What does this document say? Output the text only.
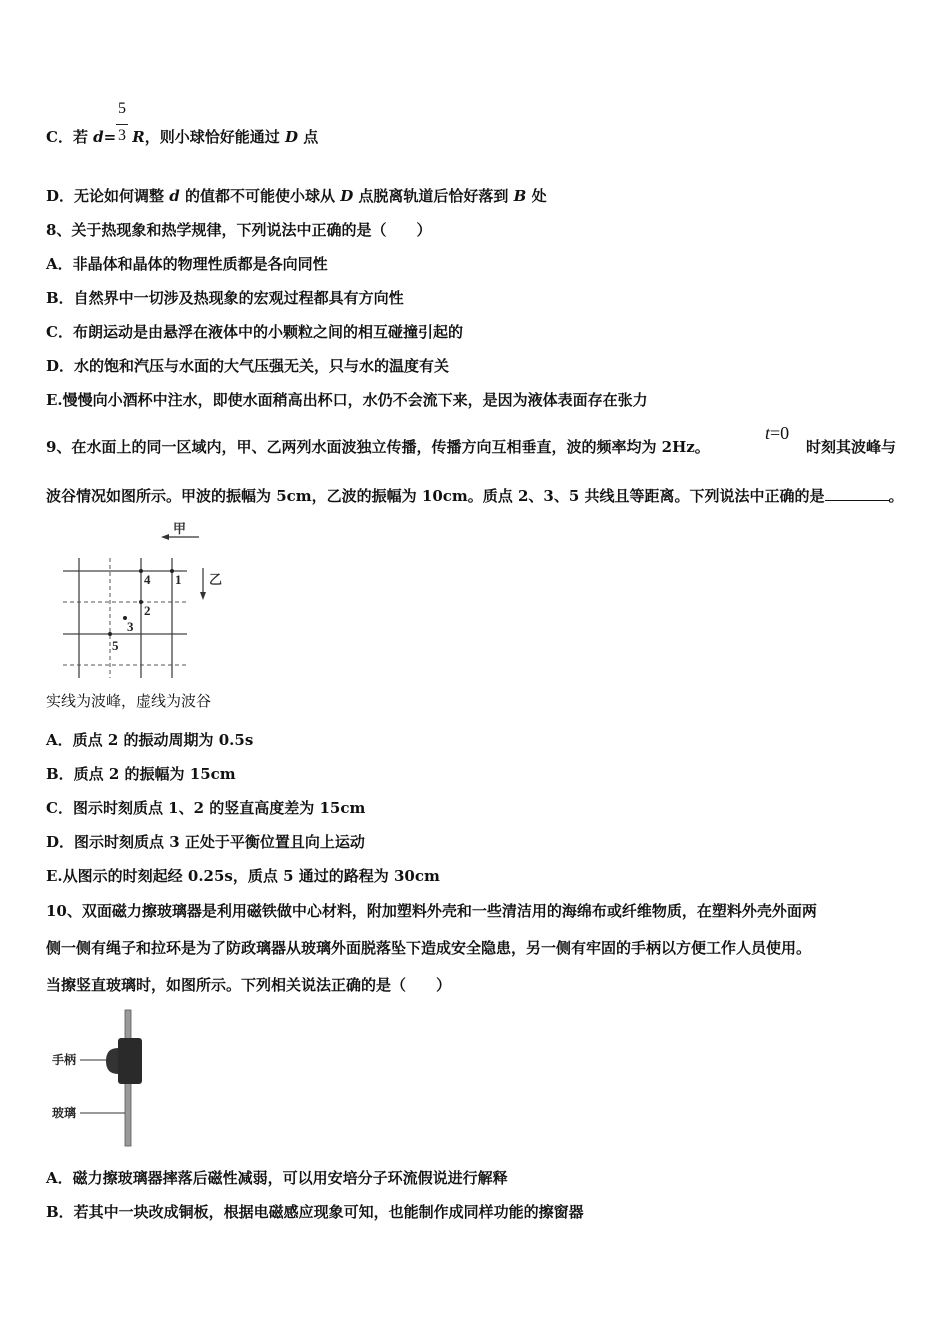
5
3
C．若 d= R，则小球恰好能通过 D 点
D．无论如何调整 d 的值都不可能使小球从 D 点脱离轨道后恰好落到 B 处
8、关于热现象和热学规律，下列说法中正确的是（　　）
A．非晶体和晶体的物理性质都是各向同性
B．自然界中一切涉及热现象的宏观过程都具有方向性
C．布朗运动是由悬浮在液体中的小颗粒之间的相互碰撞引起的
D．水的饱和汽压与水面的大气压强无关，只与水的温度有关
E.慢慢向小酒杯中注水，即使水面稍高出杯口，水仍不会流下来，是因为液体表面存在张力
9、在水面上的同一区域内，甲、乙两列水面波独立传播，传播方向互相垂直，波的频率均为 2Hz。
t=0
时刻其波峰与
波谷情况如图所示。甲波的振幅为 5cm，乙波的振幅为 10cm。质点 2、3、5 共线且等距离。下列说法中正确的是	。
甲
乙
1
4
2
3
5
实线为波峰，虚线为波谷
A．质点 2 的振动周期为 0.5s
B．质点 2 的振幅为 15cm
C．图示时刻质点 1、2 的竖直高度差为 15cm
D．图示时刻质点 3 正处于平衡位置且向上运动
E.从图示的时刻起经 0.25s，质点 5 通过的路程为 30cm
10、双面磁力擦玻璃器是利用磁铁做中心材料，附加塑料外壳和一些清洁用的海绵布或纤维物质，在塑料外壳外面两
侧一侧有绳子和拉环是为了防政璃器从玻璃外面脱落坠下造成安全隐患，另一侧有牢固的手柄以方便工作人员使用。
当擦竖直玻璃时，如图所示。下列相关说法正确的是（　　）
手柄
玻璃
A．磁力擦玻璃器摔落后磁性减弱，可以用安培分子环流假说进行解释
B．若其中一块改成铜板，根据电磁感应现象可知，也能制作成同样功能的擦窗器
